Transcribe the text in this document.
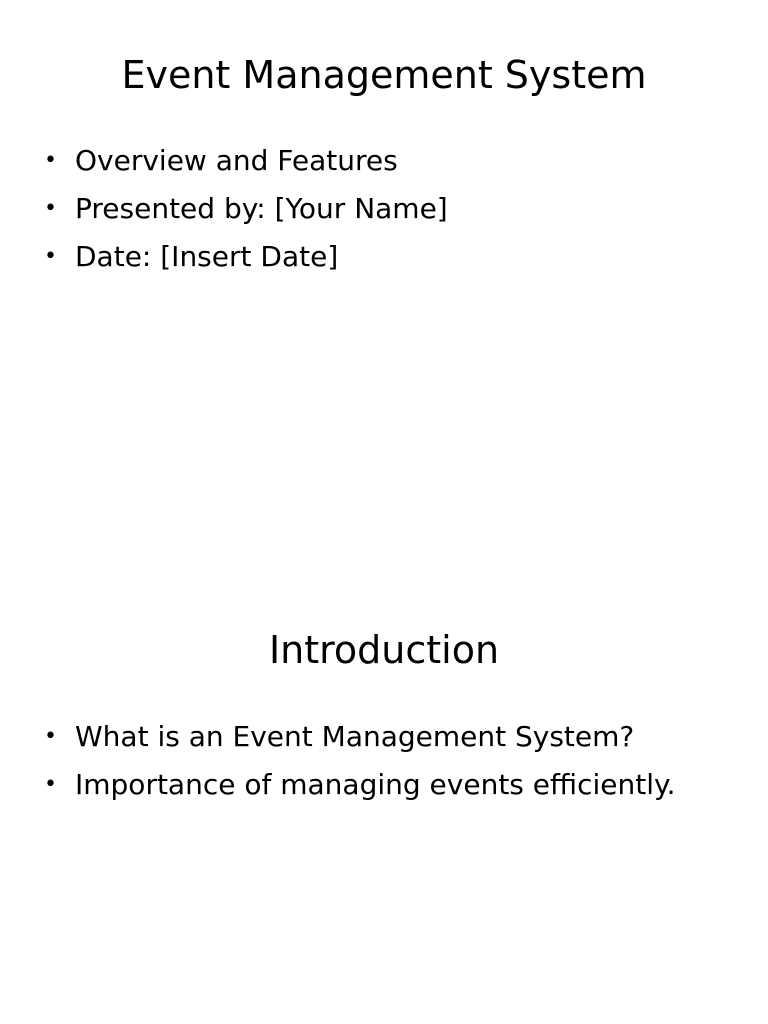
Event Management System
• Overview and Features
• Presented by: [Your Name]
• Date: [Insert Date]
Introduction
• What is an Event Management System?
• Importance of managing events efficiently.
